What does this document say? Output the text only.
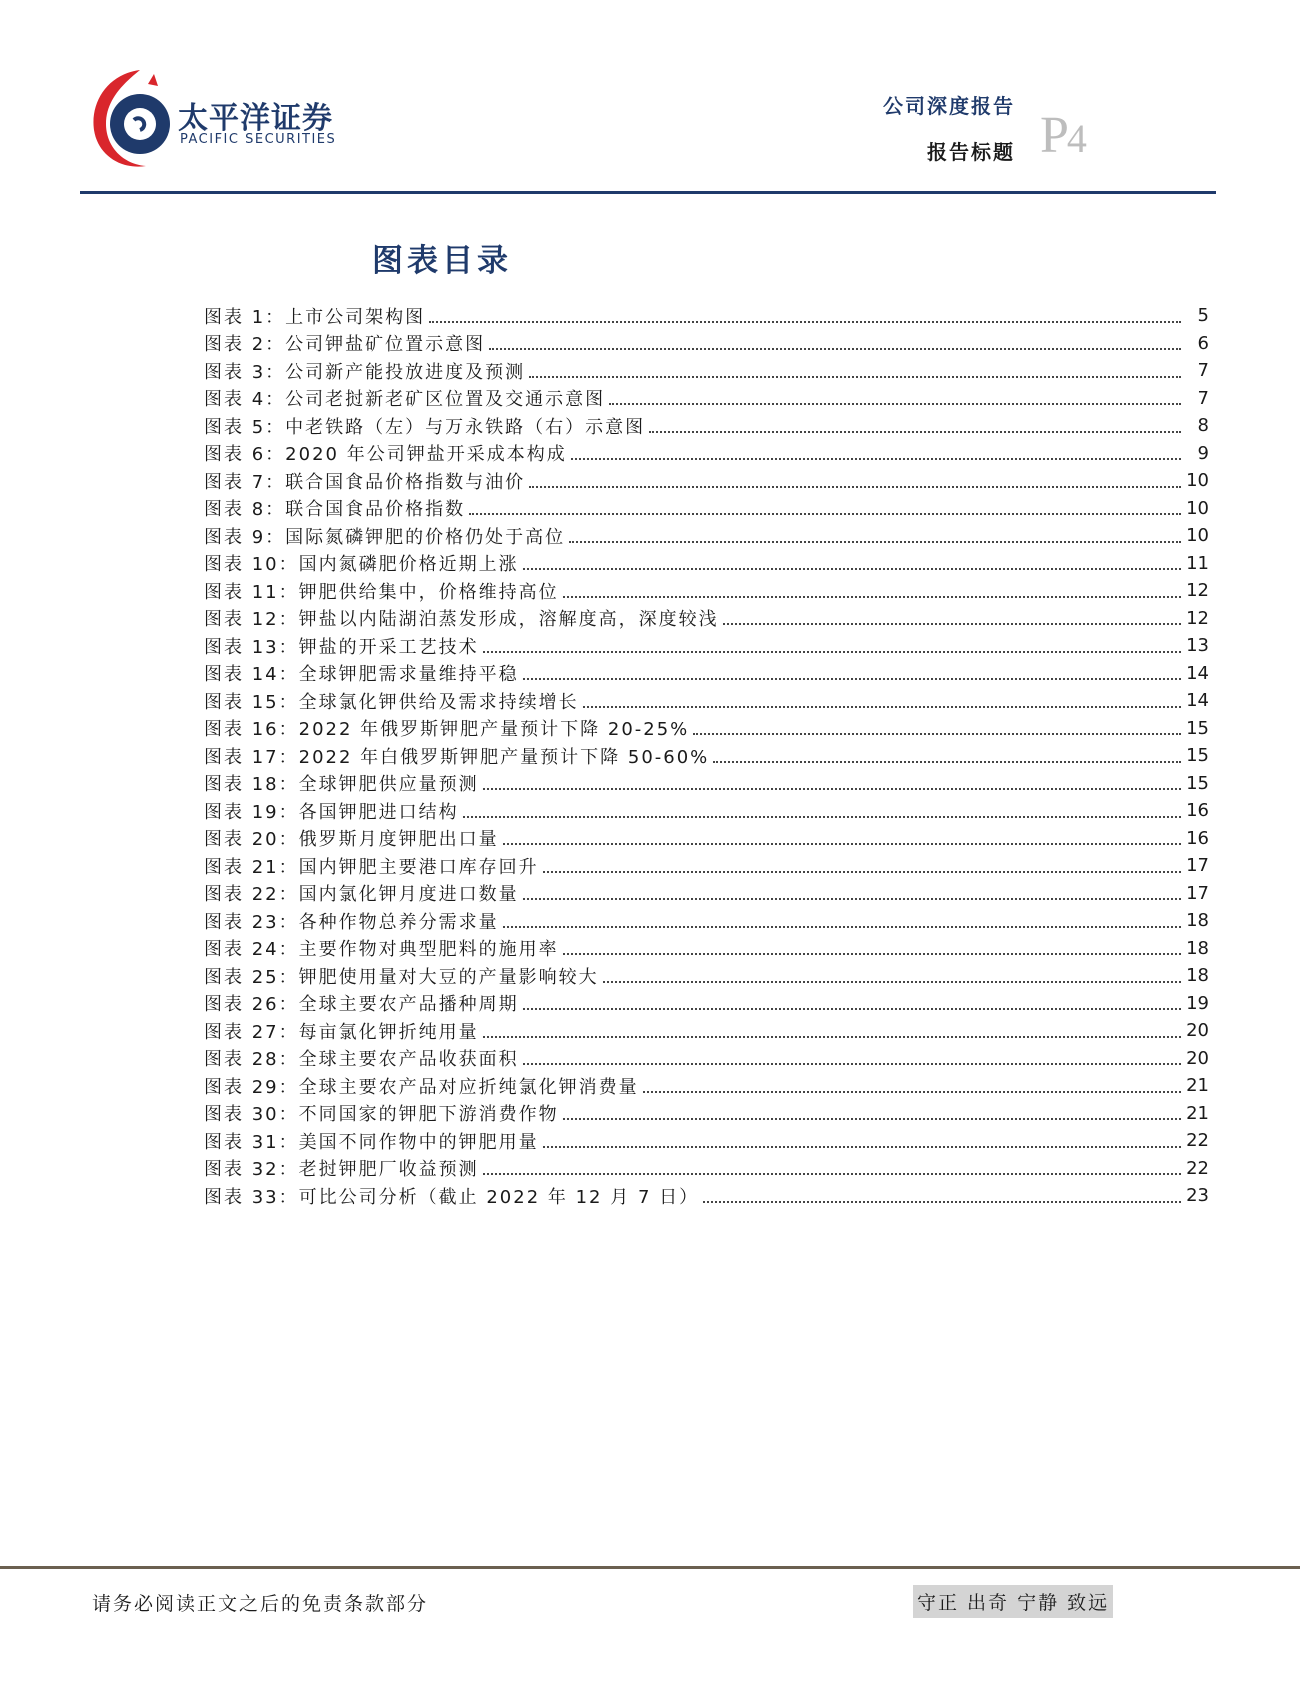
太平洋证券
PACIFIC SECURITIES
公司深度报告
报告标题 P4
图表目录
图表 1：上市公司架构图	5
图表 2：公司钾盐矿位置示意图	6
图表 3：公司新产能投放进度及预测	7
图表 4：公司老挝新老矿区位置及交通示意图	7
图表 5：中老铁路（左）与万永铁路（右）示意图	8
图表 6：2020 年公司钾盐开采成本构成	9
图表 7：联合国食品价格指数与油价	10
图表 8：联合国食品价格指数	10
图表 9：国际氮磷钾肥的价格仍处于高位	10
图表 10：国内氮磷肥价格近期上涨	11
图表 11：钾肥供给集中，价格维持高位	12
图表 12：钾盐以内陆湖泊蒸发形成，溶解度高，深度较浅	12
图表 13：钾盐的开采工艺技术	13
图表 14：全球钾肥需求量维持平稳	14
图表 15：全球氯化钾供给及需求持续增长	14
图表 16：2022 年俄罗斯钾肥产量预计下降 20-25%	15
图表 17：2022 年白俄罗斯钾肥产量预计下降 50-60%	15
图表 18：全球钾肥供应量预测	15
图表 19：各国钾肥进口结构	16
图表 20：俄罗斯月度钾肥出口量	16
图表 21：国内钾肥主要港口库存回升	17
图表 22：国内氯化钾月度进口数量	17
图表 23：各种作物总养分需求量	18
图表 24：主要作物对典型肥料的施用率	18
图表 25：钾肥使用量对大豆的产量影响较大	18
图表 26：全球主要农产品播种周期	19
图表 27：每亩氯化钾折纯用量	20
图表 28：全球主要农产品收获面积	20
图表 29：全球主要农产品对应折纯氯化钾消费量	21
图表 30：不同国家的钾肥下游消费作物	21
图表 31：美国不同作物中的钾肥用量	22
图表 32：老挝钾肥厂收益预测	22
图表 33：可比公司分析（截止 2022 年 12 月 7 日）	23
请务必阅读正文之后的免责条款部分	守正 出奇 宁静 致远
